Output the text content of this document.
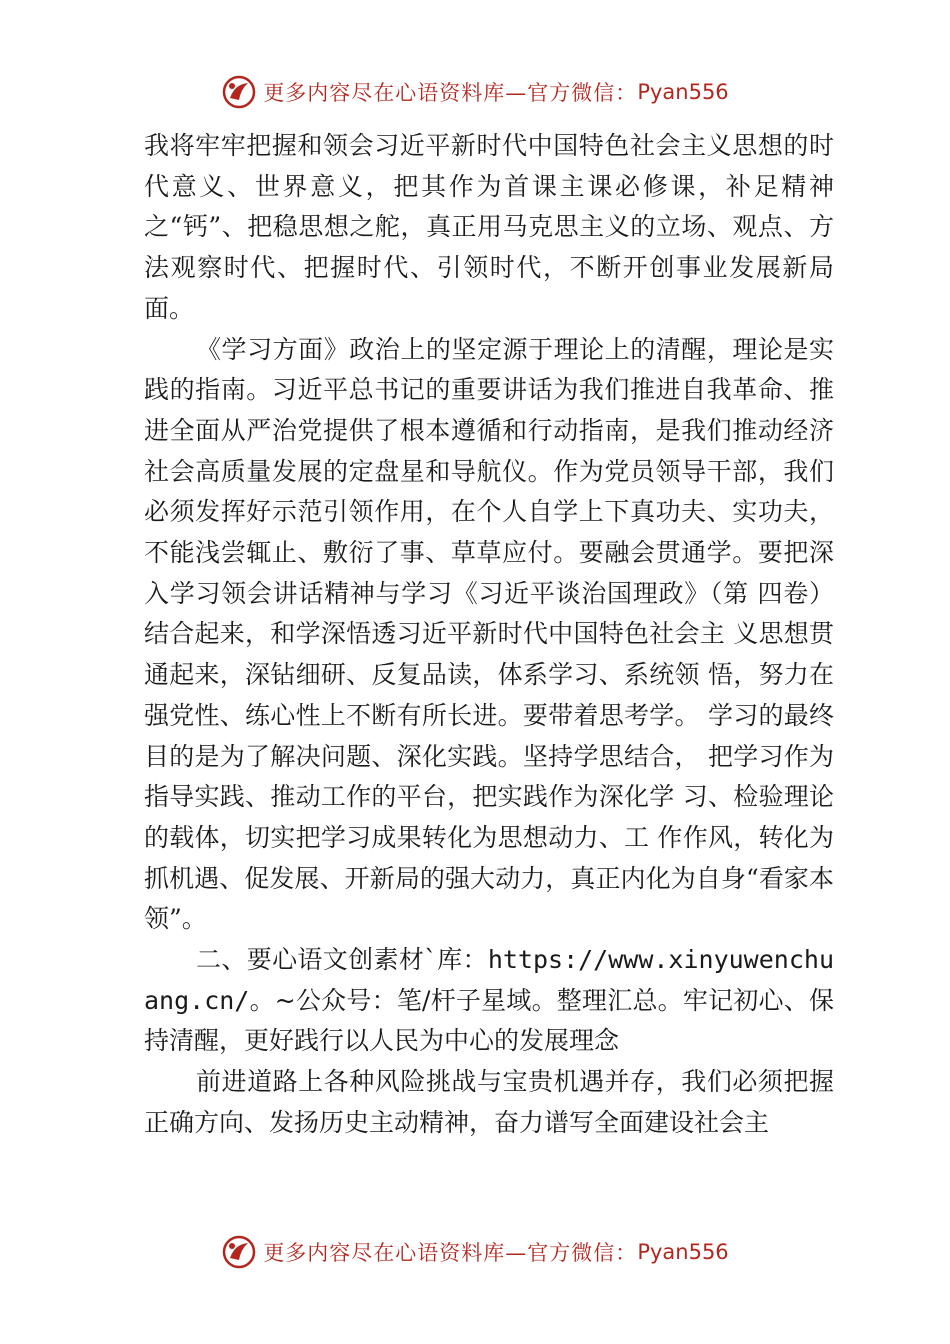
更多内容尽在心语资料库—官方微信： Pyan556

我将牢牢把握和领会习近平新时代中国特色社会主义思想的时代意义、世界意义，把其作为首课主课必修课，补足精神之“钙”、把稳思想之舵，真正用马克思主义的立场、观点、方法观察时代、把握时代、引领时代，不断开创事业发展新局面。

《学习方面》政治上的坚定源于理论上的清醒，理论是实践的指南。习近平总书记的重要讲话为我们推进自我革命、推进全面从严治党提供了根本遵循和行动指南，是我们推动经济社会高质量发展的定盘星和导航仪。作为党员领导干部，我们必须发挥好示范引领作用，在个人自学上下真功夫、实功夫，不能浅尝辄止、敷衍了事、草草应付。要融会贯通学。要把深入学习领会讲话精神与学习《习近平谈治国理政》（第 四卷）结合起来，和学深悟透习近平新时代中国特色社会主 义思想贯通起来，深钻细研、反复品读，体系学习、系统领 悟，努力在强党性、练心性上不断有所长进。要带着思考学。 学习的最终目的是为了解决问题、深化实践。坚持学思结合， 把学习作为指导实践、推动工作的平台，把实践作为深化学 习、检验理论的载体，切实把学习成果转化为思想动力、工 作作风，转化为抓机遇、促发展、开新局的强大动力，真正内化为自身“看家本领”。

二、要心语文创素材`库：https://www.xinyuwenchuang.cn/。~公众号：笔/杆子星域。整理汇总。牢记初心、保持清醒，更好践行以人民为中心的发展理念

前进道路上各种风险挑战与宝贵机遇并存，我们必须把握正确方向、发扬历史主动精神，奋力谱写全面建设社会主

更多内容尽在心语资料库—官方微信： Pyan556
